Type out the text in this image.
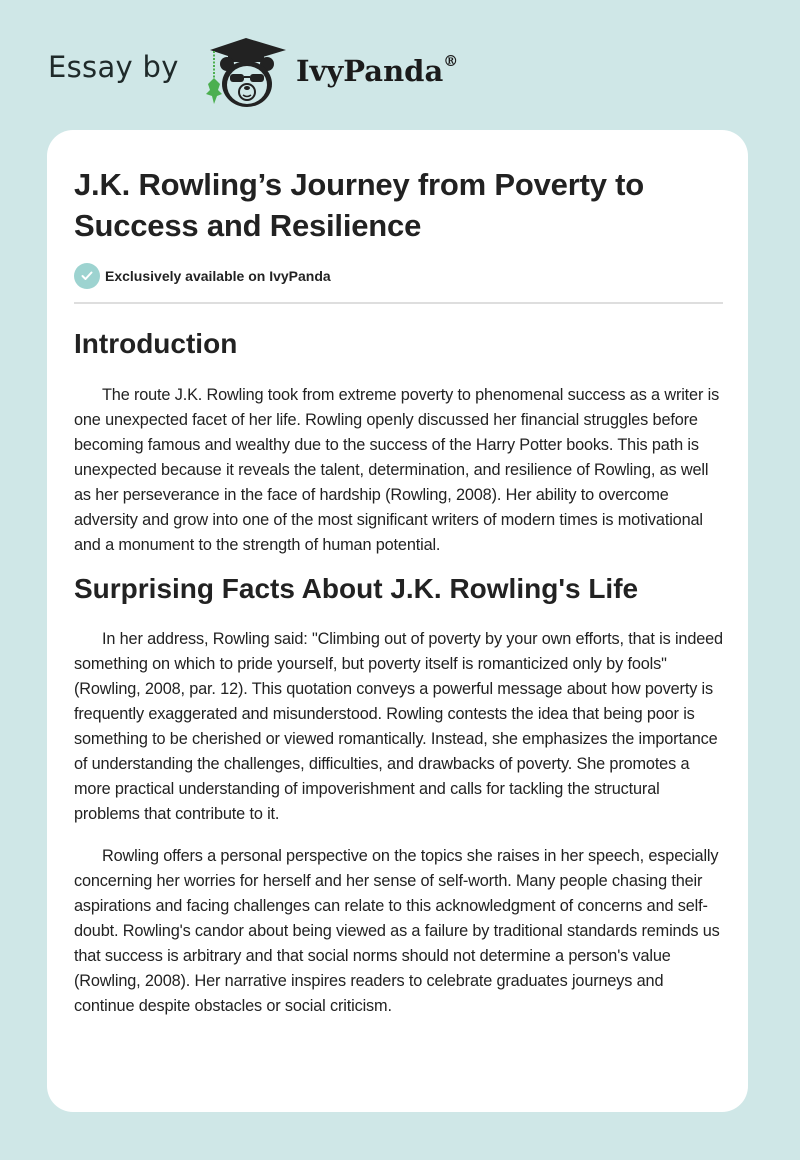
Essay by	IvyPanda®
J.K. Rowling’s Journey from Poverty to Success and Resilience
Exclusively available on IvyPanda
Introduction

The route J.K. Rowling took from extreme poverty to phenomenal success as a writer is one unexpected facet of her life. Rowling openly discussed her financial struggles before becoming famous and wealthy due to the success of the Harry Potter books. This path is unexpected because it reveals the talent, determination, and resilience of Rowling, as well as her perseverance in the face of hardship (Rowling, 2008). Her ability to overcome adversity and grow into one of the most significant writers of modern times is motivational and a monument to the strength of human potential.

Surprising Facts About J.K. Rowling's Life

In her address, Rowling said: "Climbing out of poverty by your own efforts, that is indeed something on which to pride yourself, but poverty itself is romanticized only by fools" (Rowling, 2008, par. 12). This quotation conveys a powerful message about how poverty is frequently exaggerated and misunderstood. Rowling contests the idea that being poor is something to be cherished or viewed romantically. Instead, she emphasizes the importance of understanding the challenges, difficulties, and drawbacks of poverty. She promotes a more practical understanding of impoverishment and calls for tackling the structural problems that contribute to it.

Rowling offers a personal perspective on the topics she raises in her speech, especially concerning her worries for herself and her sense of self-worth. Many people chasing their aspirations and facing challenges can relate to this acknowledgment of concerns and self-doubt. Rowling's candor about being viewed as a failure by traditional standards reminds us that success is arbitrary and that social norms should not determine a person's value (Rowling, 2008). Her narrative inspires readers to celebrate graduates journeys and continue despite obstacles or social criticism.
